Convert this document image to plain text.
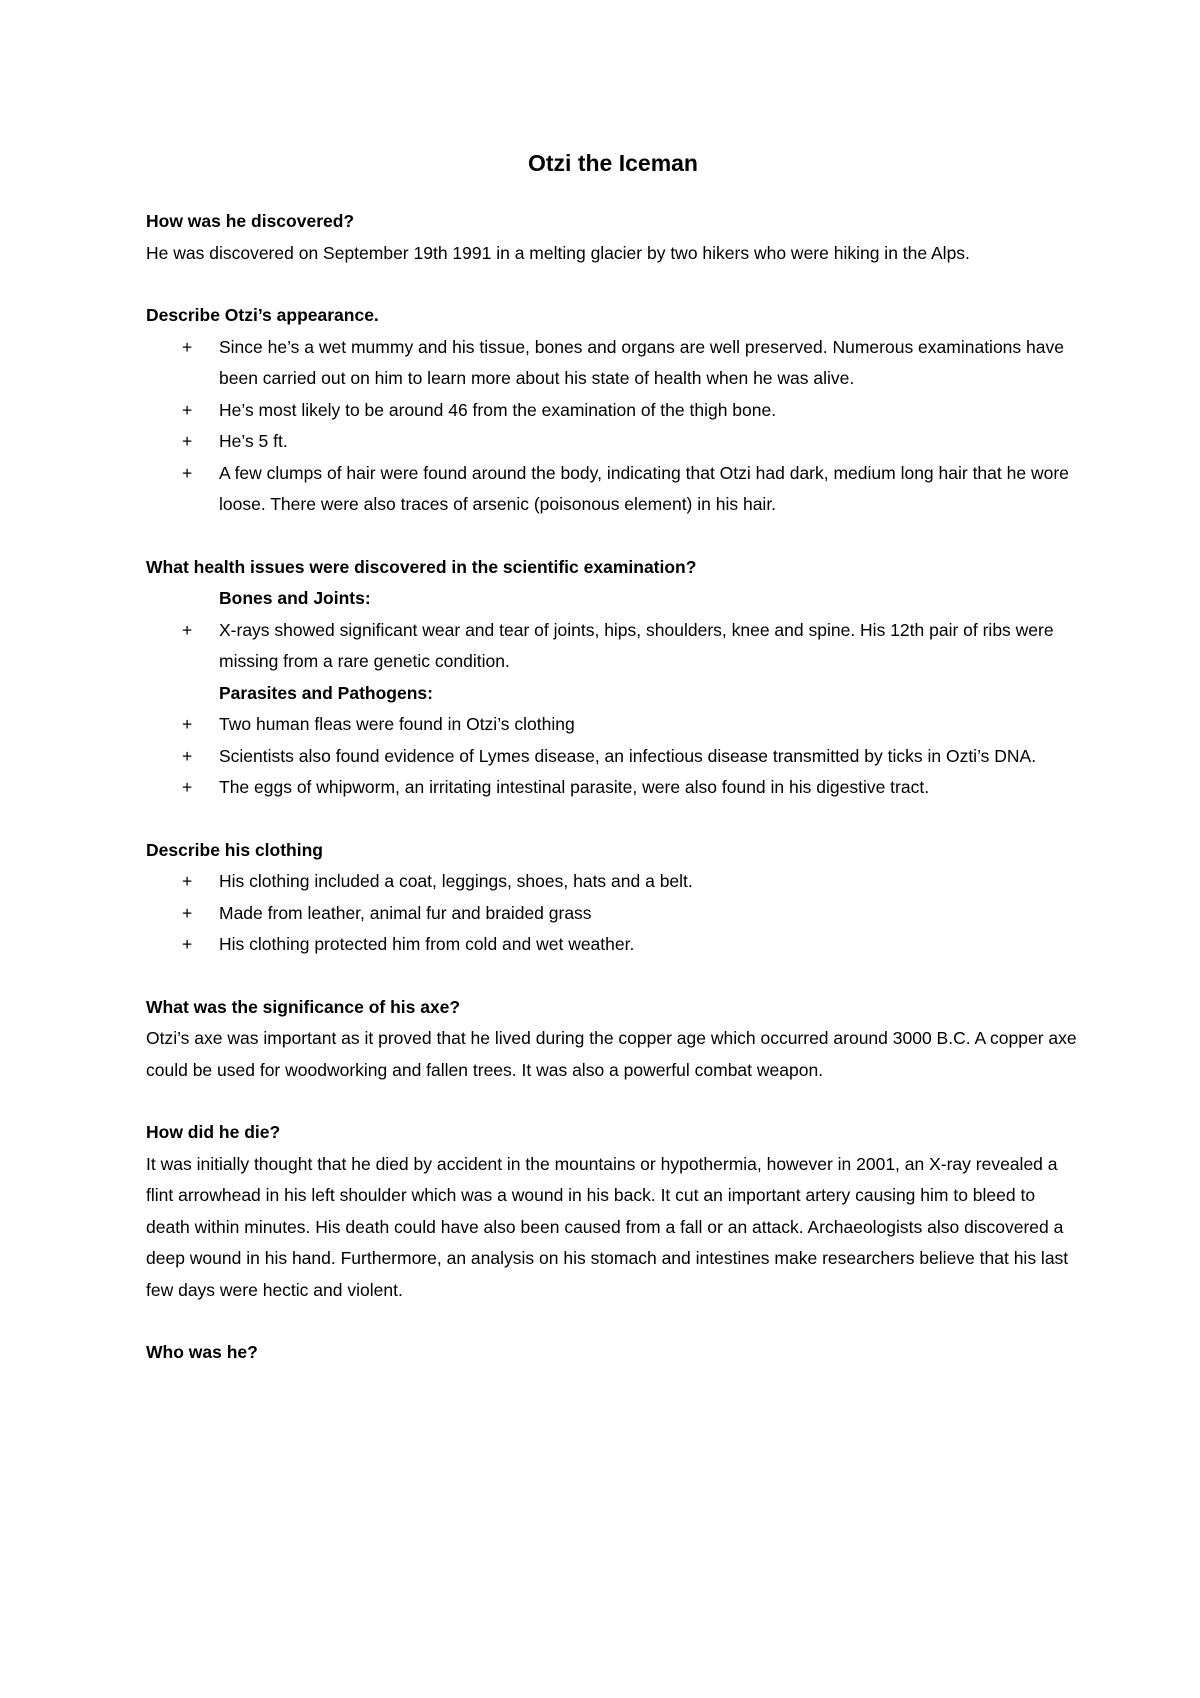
Otzi the Iceman

How was he discovered?

He was discovered on September 19th 1991 in a melting glacier by two hikers who were hiking in the Alps.

Describe Otzi’s appearance.

+ Since he’s a wet mummy and his tissue, bones and organs are well preserved. Numerous examinations have been carried out on him to learn more about his state of health when he was alive.
+ He’s most likely to be around 46 from the examination of the thigh bone.
+ He’s 5 ft.
+ A few clumps of hair were found around the body, indicating that Otzi had dark, medium long hair that he wore loose. There were also traces of arsenic (poisonous element) in his hair.

What health issues were discovered in the scientific examination?

Bones and Joints:

+ X-rays showed significant wear and tear of joints, hips, shoulders, knee and spine. His 12th pair of ribs were missing from a rare genetic condition.

Parasites and Pathogens:

+ Two human fleas were found in Otzi’s clothing
+ Scientists also found evidence of Lymes disease, an infectious disease transmitted by ticks in Ozti’s DNA.
+ The eggs of whipworm, an irritating intestinal parasite, were also found in his digestive tract.

Describe his clothing

+ His clothing included a coat, leggings, shoes, hats and a belt.
+ Made from leather, animal fur and braided grass
+ His clothing protected him from cold and wet weather.

What was the significance of his axe?

Otzi’s axe was important as it proved that he lived during the copper age which occurred around 3000 B.C. A copper axe could be used for woodworking and fallen trees. It was also a powerful combat weapon.

How did he die?

It was initially thought that he died by accident in the mountains or hypothermia, however in 2001, an X-ray revealed a flint arrowhead in his left shoulder which was a wound in his back. It cut an important artery causing him to bleed to death within minutes. His death could have also been caused from a fall or an attack. Archaeologists also discovered a deep wound in his hand. Furthermore, an analysis on his stomach and intestines make researchers believe that his last few days were hectic and violent.

Who was he?
